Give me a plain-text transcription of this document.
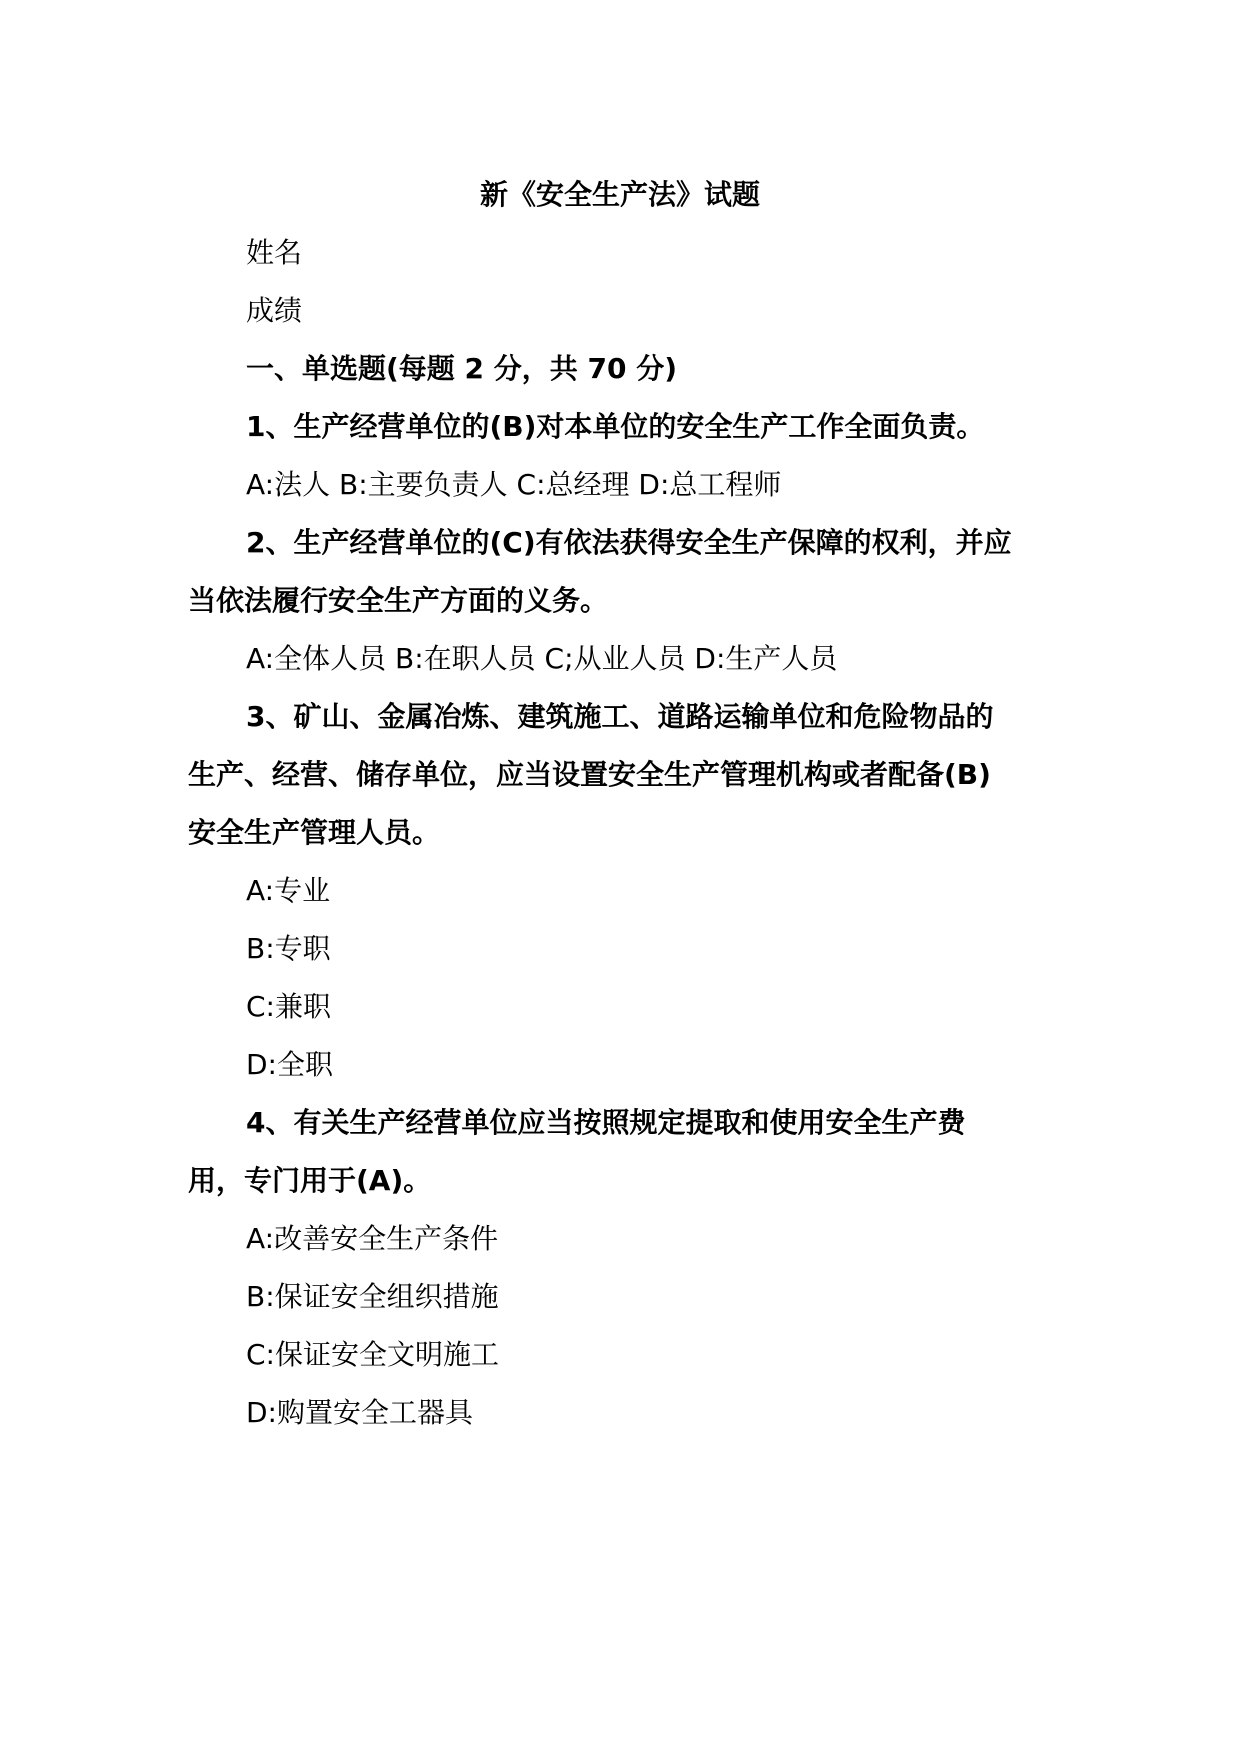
新《安全生产法》试题
姓名
成绩
一、单选题(每题 2 分，共 70 分)
1、生产经营单位的(B)对本单位的安全生产工作全面负责。
A:法人 B:主要负责人 C:总经理 D:总工程师
2、生产经营单位的(C)有依法获得安全生产保障的权利，并应
当依法履行安全生产方面的义务。
A:全体人员 B:在职人员 C;从业人员 D:生产人员
3、矿山、金属冶炼、建筑施工、道路运输单位和危险物品的
生产、经营、储存单位，应当设置安全生产管理机构或者配备(B)
安全生产管理人员。
A:专业
B:专职
C:兼职
D:全职
4、有关生产经营单位应当按照规定提取和使用安全生产费
用，专门用于(A)。
A:改善安全生产条件
B:保证安全组织措施
C:保证安全文明施工
D:购置安全工器具
